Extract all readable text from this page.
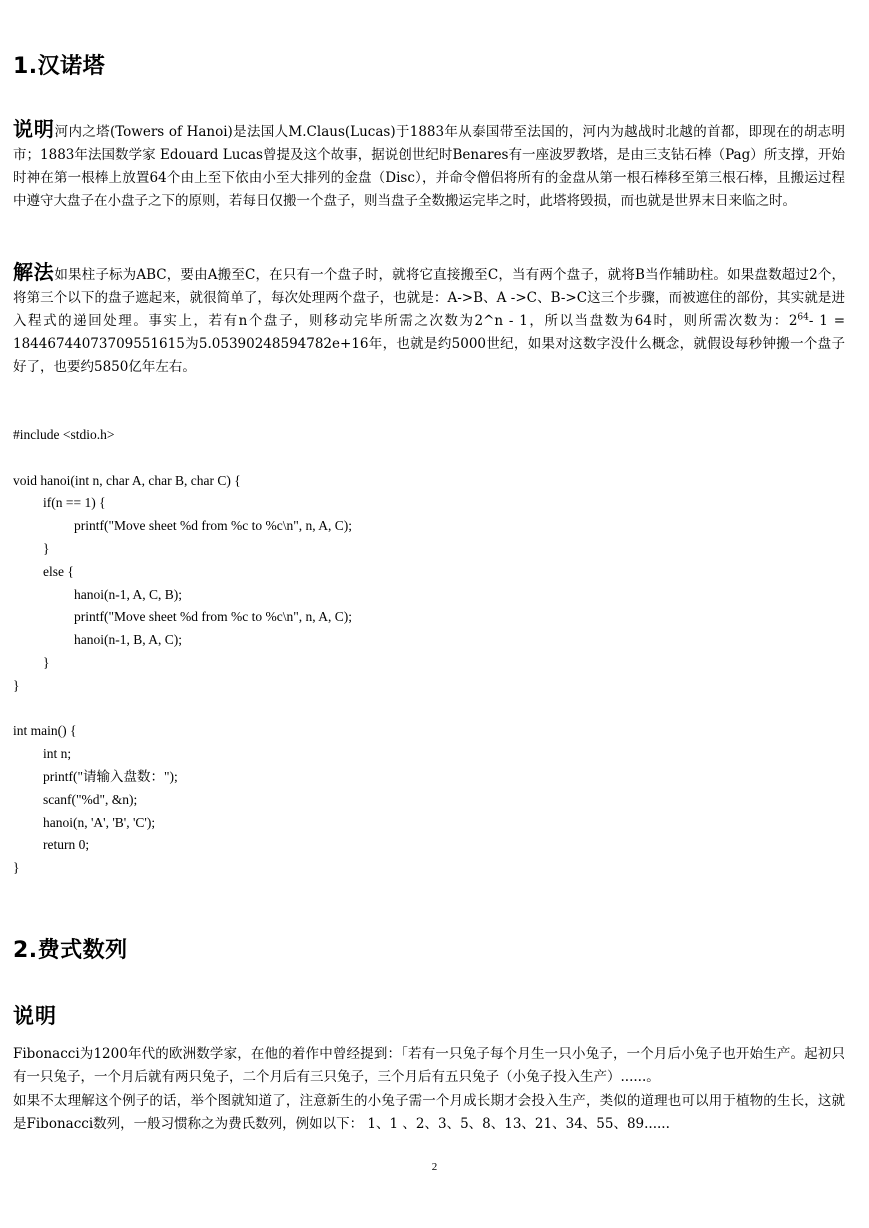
1.汉诺塔
说明河内之塔(Towers of Hanoi)是法国人M.Claus(Lucas)于1883年从泰国带至法国的，河内为越战时北越的首都，即现在的胡志明市；1883年法国数学家 Edouard Lucas曾提及这个故事，据说创世纪时Benares有一座波罗教塔，是由三支钻石棒（Pag）所支撑，开始时神在第一根棒上放置64个由上至下依由小至大排列的金盘（Disc），并命令僧侣将所有的金盘从第一根石棒移至第三根石棒，且搬运过程中遵守大盘子在小盘子之下的原则，若每日仅搬一个盘子，则当盘子全数搬运完毕之时，此塔将毁损，而也就是世界末日来临之时。
解法如果柱子标为ABC，要由A搬至C，在只有一个盘子时，就将它直接搬至C，当有两个盘子，就将B当作辅助柱。如果盘数超过2个，将第三个以下的盘子遮起来，就很简单了，每次处理两个盘子，也就是：A->B、A ->C、B->C这三个步骤，而被遮住的部份，其实就是进入程式的递回处理。事实上，若有n个盘子，则移动完毕所需之次数为2^n - 1，所以当盘数为64时，则所需次数为：$2^{64}-$ 1 = 18446744073709551615为5.05390248594782e+16年，也就是约5000世纪，如果对这数字没什么概念，就假设每秒钟搬一个盘子好了，也要约5850亿年左右。
#include <stdio.h>
void hanoi(int n, char A, char B, char C) {
if(n == 1) {
printf("Move sheet %d from %c to %c\n", n, A, C);
}
else {
hanoi(n-1, A, C, B);
printf("Move sheet %d from %c to %c\n", n, A, C);
hanoi(n-1, B, A, C);
}
}
int main() {
int n;
printf("请输入盘数：");
scanf("%d", &n);
hanoi(n, 'A', 'B', 'C');
return 0;
}
2.费式数列
说明
Fibonacci为1200年代的欧洲数学家，在他的着作中曾经提到：「若有一只兔子每个月生一只小兔子，一个月后小兔子也开始生产。起初只有一只兔子，一个月后就有两只兔子，二个月后有三只兔子，三个月后有五只兔子（小兔子投入生产）......。
如果不太理解这个例子的话，举个图就知道了，注意新生的小兔子需一个月成长期才会投入生产，类似的道理也可以用于植物的生长，这就是Fibonacci数列，一般习惯称之为费氏数列，例如以下： 1、1 、2、3、5、8、13、21、34、55、89......
2
